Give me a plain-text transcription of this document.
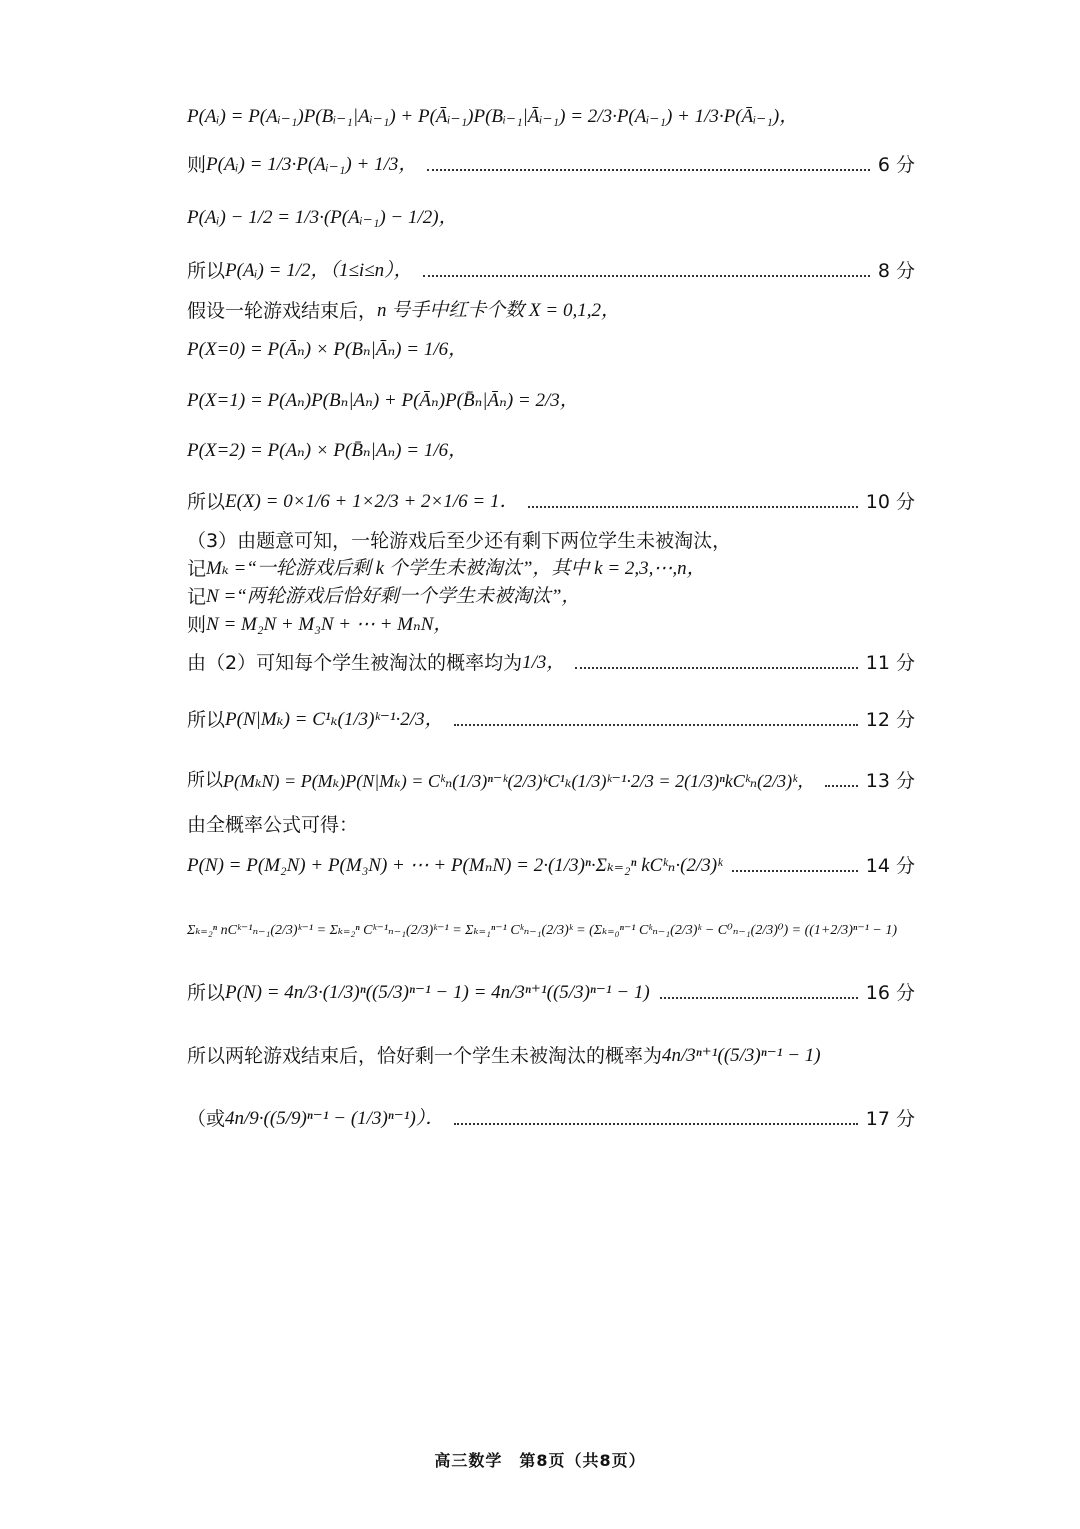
P(Aᵢ) = P(Aᵢ₋₁)P(Bᵢ₋₁|Aᵢ₋₁) + P(Āᵢ₋₁)P(Bᵢ₋₁|Āᵢ₋₁) = 2/3·P(Aᵢ₋₁) + 1/3·P(Āᵢ₋₁)，
则 P(Aᵢ) = 1/3·P(Aᵢ₋₁) + 1/3，	6 分
P(Aᵢ) − 1/2 = 1/3·(P(Aᵢ₋₁) − 1/2)，
所以 P(Aᵢ) = 1/2，（1≤i≤n），	8 分
假设一轮游戏结束后， n 号手中红卡个数 X = 0,1,2，
P(X=0) = P(Āₙ) × P(Bₙ|Āₙ) = 1/6，
P(X=1) = P(Aₙ)P(Bₙ|Aₙ) + P(Āₙ)P(B̄ₙ|Āₙ) = 2/3，
P(X=2) = P(Aₙ) × P(B̄ₙ|Aₙ) = 1/6，
所以 E(X) = 0×1/6 + 1×2/3 + 2×1/6 = 1．	10 分
（3）由题意可知，一轮游戏后至少还有剩下两位学生未被淘汰，
记 Mₖ =“一轮游戏后剩 k 个学生未被淘汰”，其中 k = 2,3,⋯,n，
记 N =“两轮游戏后恰好剩一个学生未被淘汰”，
则 N = M₂N + M₃N + ⋯ + MₙN，
由（2）可知每个学生被淘汰的概率均为 1/3，	11 分
所以 P(N|Mₖ) = C¹ₖ(1/3)ᵏ⁻¹·2/3，	12 分
所以 P(MₖN) = P(Mₖ)P(N|Mₖ) = Cᵏₙ(1/3)ⁿ⁻ᵏ(2/3)ᵏC¹ₖ(1/3)ᵏ⁻¹·2/3 = 2(1/3)ⁿkCᵏₙ(2/3)ᵏ，	13 分
由全概率公式可得：
P(N) = P(M₂N) + P(M₃N) + ⋯ + P(MₙN) = 2·(1/3)ⁿ·Σₖ₌₂ⁿ kCᵏₙ·(2/3)ᵏ	14 分
Σₖ₌₂ⁿ nCᵏ⁻¹ₙ₋₁(2/3)ᵏ⁻¹ = Σₖ₌₂ⁿ Cᵏ⁻¹ₙ₋₁(2/3)ᵏ⁻¹ = Σₖ₌₁ⁿ⁻¹ Cᵏₙ₋₁(2/3)ᵏ = (Σₖ₌₀ⁿ⁻¹ Cᵏₙ₋₁(2/3)ᵏ − C⁰ₙ₋₁(2/3)⁰) = ((1+2/3)ⁿ⁻¹ − 1)
所以 P(N) = 4n/3·(1/3)ⁿ((5/3)ⁿ⁻¹ − 1) = 4n/3ⁿ⁺¹((5/3)ⁿ⁻¹ − 1)	16 分
所以两轮游戏结束后，恰好剩一个学生未被淘汰的概率为 4n/3ⁿ⁺¹((5/3)ⁿ⁻¹ − 1)
（或 4n/9·((5/9)ⁿ⁻¹ − (1/3)ⁿ⁻¹)）．	17 分
高三数学　第8页（共8页）
